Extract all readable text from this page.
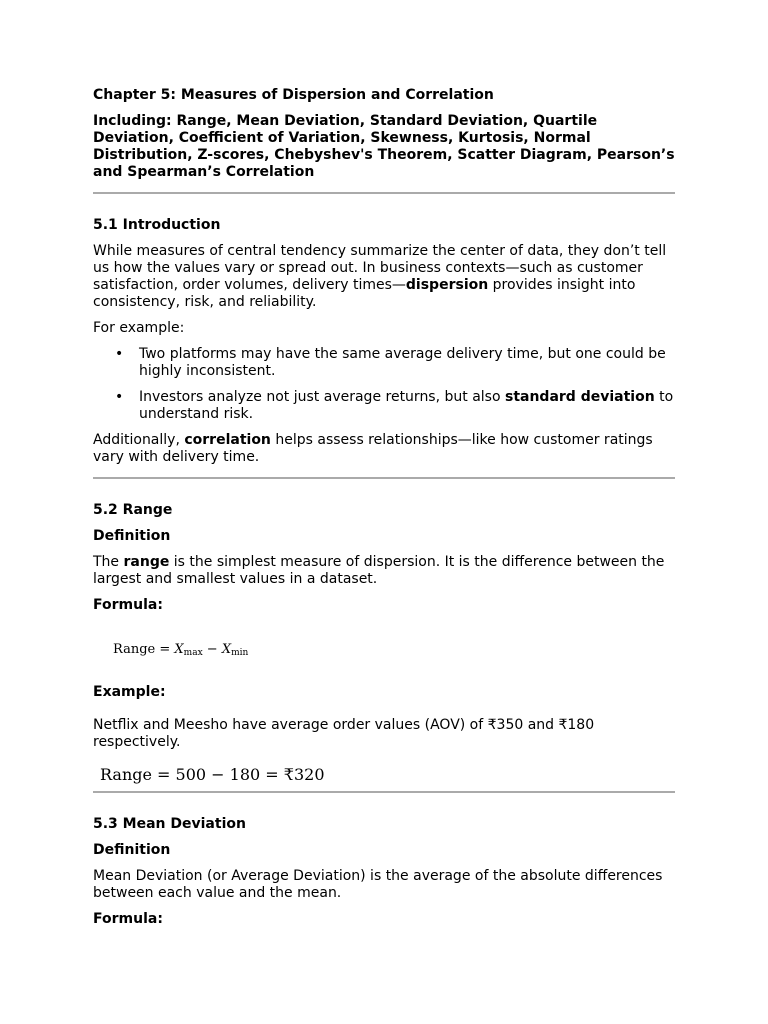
Chapter 5: Measures of Dispersion and Correlation
Including: Range, Mean Deviation, Standard Deviation, Quartile Deviation, Coefficient of Variation, Skewness, Kurtosis, Normal Distribution, Z-scores, Chebyshev's Theorem, Scatter Diagram, Pearson’s and Spearman’s Correlation
5.1 Introduction

While measures of central tendency summarize the center of data, they don’t tell us how the values vary or spread out. In business contexts—such as customer satisfaction, order volumes, delivery times—dispersion provides insight into consistency, risk, and reliability.

For example:

• Two platforms may have the same average delivery time, but one could be highly inconsistent.
• Investors analyze not just average returns, but also standard deviation to understand risk.

Additionally, correlation helps assess relationships—like how customer ratings vary with delivery time.

5.2 Range
Definition

The range is the simplest measure of dispersion. It is the difference between the largest and smallest values in a dataset.

Formula:
Range = $X_{max} - X_{min}$
Example:

Netflix and Meesho have average order values (AOV) of ₹350 and ₹180 respectively.

Range = 500 − 180 = ₹320
5.3 Mean Deviation
Definition

Mean Deviation (or Average Deviation) is the average of the absolute differences between each value and the mean.

Formula:
